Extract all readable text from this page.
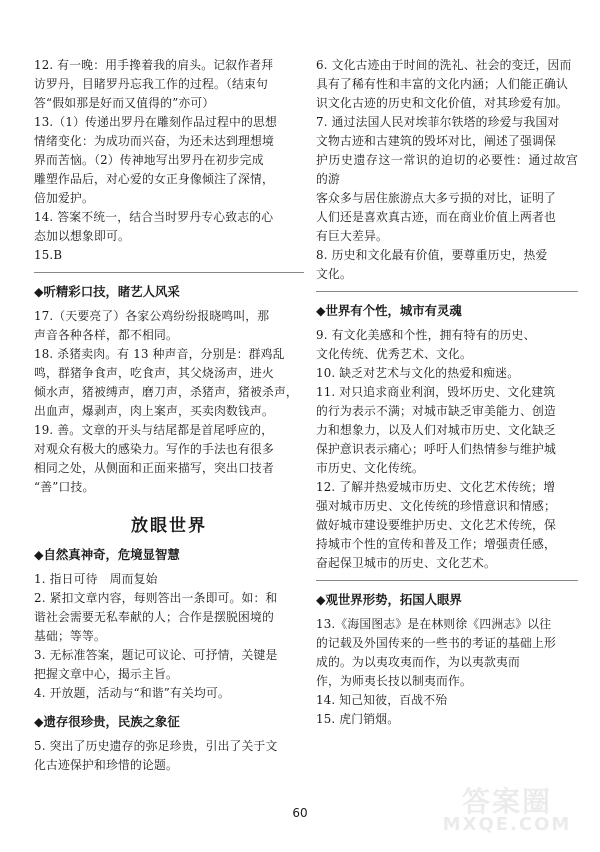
12. 有一晚：用手搀着我的肩头。记叙作者拜

访罗丹，目睹罗丹忘我工作的过程。（结束句

答“假如那是好而又值得的”亦可）

13.（1）传递出罗丹在雕刻作品过程中的思想

情绪变化：为成功而兴奋，为还未达到理想境

界而苦恼。（2）传神地写出罗丹在初步完成

雕塑作品后，对心爱的女正身像倾注了深情，

倍加爱护。

14. 答案不统一，结合当时罗丹专心致志的心

态加以想象即可。

15.B

◆听精彩口技，睹艺人风采

17.（天要亮了）各家公鸡纷纷报晓鸣叫，那

声音各种各样，都不相同。

18. 杀猪卖肉。有 13 种声音，分别是：群鸡乱

鸣，群猪争食声，吃食声，其父烧汤声，进火

倾水声，猪被缚声，磨刀声，杀猪声，猪被杀声，

出血声，爆剥声，肉上案声，买卖肉数钱声。

19. 善。文章的开头与结尾都是首尾呼应的，

对观众有极大的感染力。写作的手法也有很多

相同之处，从侧面和正面来描写，突出口技者

“善”口技。

放眼世界
◆自然真神奇，危境显智慧

1. 指日可待　周而复始

2. 紧扣文章内容，每则答出一条即可。如：和

谐社会需要无私奉献的人；合作是摆脱困境的

基础；等等。

3. 无标准答案，题记可议论、可抒情，关键是

把握文章中心，揭示主旨。

4. 开放题，活动与“和谐”有关均可。

◆遗存很珍贵，民族之象征

5. 突出了历史遗存的弥足珍贵，引出了关于文

化古迹保护和珍惜的论题。

6. 文化古迹由于时间的洗礼、社会的变迁，因而

具有了稀有性和丰富的文化内涵；人们能正确认

识文化古迹的历史和文化价值，对其珍爱有加。

7. 通过法国人民对埃菲尔铁塔的珍爱与我国对

文物古迹和古建筑的毁坏对比，阐述了强调保

护历史遗存这一常识的迫切的必要性：通过故宫的游

客众多与居住旅游点大多亏损的对比，证明了

人们还是喜欢真古迹，而在商业价值上两者也

有巨大差异。

8. 历史和文化最有价值，要尊重历史，热爱

文化。

◆世界有个性，城市有灵魂

9. 有文化美感和个性，拥有特有的历史、

文化传统、优秀艺术、文化。

10. 缺乏对艺术与文化的热爱和痴迷。

11. 对只追求商业利润，毁坏历史、文化建筑

的行为表示不满；对城市缺乏审美能力、创造

力和想象力，以及人们对城市历史、文化缺乏

保护意识表示痛心；呼吁人们热情参与维护城

市历史、文化传统。

12. 了解并热爱城市历史、文化艺术传统；增

强对城市历史、文化传统的珍惜意识和情感；

做好城市建设要维护历史、文化艺术传统，保

持城市个性的宣传和普及工作；增强责任感，

奋起保卫城市的历史、文化艺术。

◆观世界形势，拓国人眼界

13.《海国图志》是在林则徐《四洲志》以往

的记载及外国传来的一些书的考证的基础上形

成的。为以夷攻夷而作，为以夷款夷而

作，为师夷长技以制夷而作。

14. 知己知彼，百战不殆

15. 虎门销烟。

60	答案圈
MXQE.COM
